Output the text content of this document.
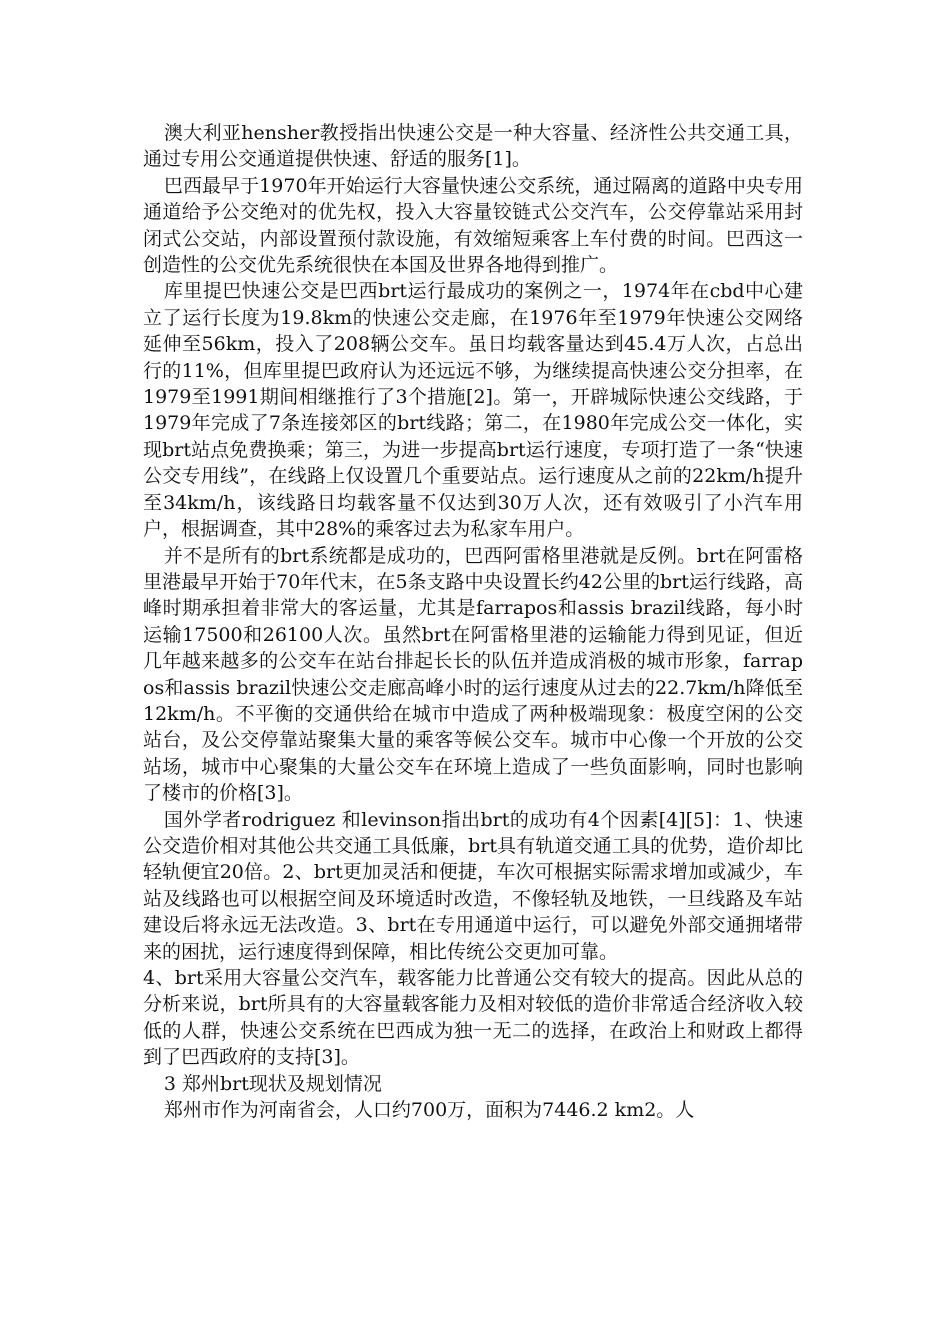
澳大利亚hensher教授指出快速公交是一种大容量、经济性公共交通工具，通过专用公交通道提供快速、舒适的服务[1]。

巴西最早于1970年开始运行大容量快速公交系统，通过隔离的道路中央专用通道给予公交绝对的优先权，投入大容量铰链式公交汽车，公交停靠站采用封闭式公交站，内部设置预付款设施，有效缩短乘客上车付费的时间。巴西这一创造性的公交优先系统很快在本国及世界各地得到推广。

库里提巴快速公交是巴西brt运行最成功的案例之一，1974年在cbd中心建立了运行长度为19.8km的快速公交走廊，在1976年至1979年快速公交网络延伸至56km，投入了208辆公交车。虽日均载客量达到45.4万人次，占总出行的11%，但库里提巴政府认为还远远不够，为继续提高快速公交分担率，在1979至1991期间相继推行了3个措施[2]。第一，开辟城际快速公交线路，于1979年完成了7条连接郊区的brt线路；第二，在1980年完成公交一体化，实现brt站点免费换乘；第三，为进一步提高brt运行速度，专项打造了一条“快速公交专用线”，在线路上仅设置几个重要站点。运行速度从之前的22km/h提升至34km/h，该线路日均载客量不仅达到30万人次，还有效吸引了小汽车用户，根据调查，其中28%的乘客过去为私家车用户。

并不是所有的brt系统都是成功的，巴西阿雷格里港就是反例。brt在阿雷格里港最早开始于70年代末，在5条支路中央设置长约42公里的brt运行线路，高峰时期承担着非常大的客运量，尤其是farrapos和assis brazil线路，每小时运输17500和26100人次。虽然brt在阿雷格里港的运输能力得到见证，但近几年越来越多的公交车在站台排起长长的队伍并造成消极的城市形象，farrapos和assis brazil快速公交走廊高峰小时的运行速度从过去的22.7km/h降低至12km/h。不平衡的交通供给在城市中造成了两种极端现象：极度空闲的公交站台，及公交停靠站聚集大量的乘客等候公交车。城市中心像一个开放的公交站场，城市中心聚集的大量公交车在环境上造成了一些负面影响，同时也影响了楼市的价格[3]。

国外学者rodriguez 和levinson指出brt的成功有4个因素[4][5]：1、快速公交造价相对其他公共交通工具低廉，brt具有轨道交通工具的优势，造价却比轻轨便宜20倍。2、brt更加灵活和便捷，车次可根据实际需求增加或减少，车站及线路也可以根据空间及环境适时改造，不像轻轨及地铁，一旦线路及车站建设后将永远无法改造。3、brt在专用通道中运行，可以避免外部交通拥堵带来的困扰，运行速度得到保障，相比传统公交更加可靠。

4、brt采用大容量公交汽车，载客能力比普通公交有较大的提高。因此从总的分析来说，brt所具有的大容量载客能力及相对较低的造价非常适合经济收入较低的人群，快速公交系统在巴西成为独一无二的选择，在政治上和财政上都得到了巴西政府的支持[3]。

3 郑州brt现状及规划情况

郑州市作为河南省会，人口约700万，面积为7446.2 km2。人
